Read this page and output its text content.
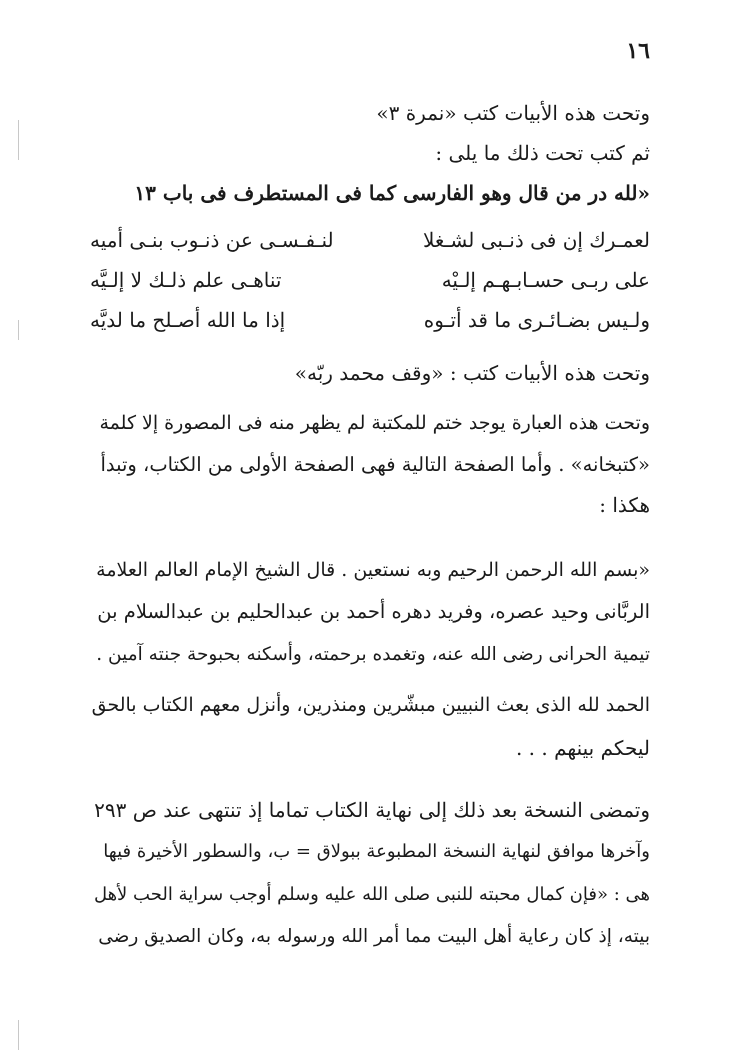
١٦
وتحت هذه الأبيات كتب «نمرة ٣»
ثم كتب تحت ذلك ما يلى :
«لله در من قال وهو الفارسى كما فى المستطرف فى باب ١٣
لعمـرك إن فى ذنـبى لشـغلا
لنـفـسـى عن ذنـوب بنـى أميه
على ربـى حسـابـهـم إلـيْه
تناهـى علم ذلـك لا إلـيَّه
ولـيس بضـائـرى ما قد أتـوه
إذا ما الله أصـلح ما لديَّه
وتحت هذه الأبيات كتب : «وقف محمد ربّه»
وتحت هذه العبارة يوجد ختم للمكتبة لم يظهر منه فى المصورة إلا كلمة
«كتبخانه» . وأما الصفحة التالية فهى الصفحة الأولى من الكتاب، وتبدأ
هكذا :
«بسم الله الرحمن الرحيم وبه نستعين . قال الشيخ الإمام العالم العلامة
الربَّانى وحيد عصره، وفريد دهره أحمد بن عبدالحليم بن عبدالسلام بن
تيمية الحرانى رضى الله عنه، وتغمده برحمته، وأسكنه بحبوحة جنته آمين .
الحمد لله الذى بعث النبيين مبشّرين ومنذرين، وأنزل معهم الكتاب بالحق
ليحكم بينهم . . .
وتمضى النسخة بعد ذلك إلى نهاية الكتاب تماما إذ تنتهى عند ص ٢٩٣
وآخرها موافق لنهاية النسخة المطبوعة ببولاق = ب، والسطور الأخيرة فيها
هى : «فإن كمال محبته للنبى صلى الله عليه وسلم أوجب سراية الحب لأهل
بيته، إذ كان رعاية أهل البيت مما أمر الله ورسوله به، وكان الصديق رضى
